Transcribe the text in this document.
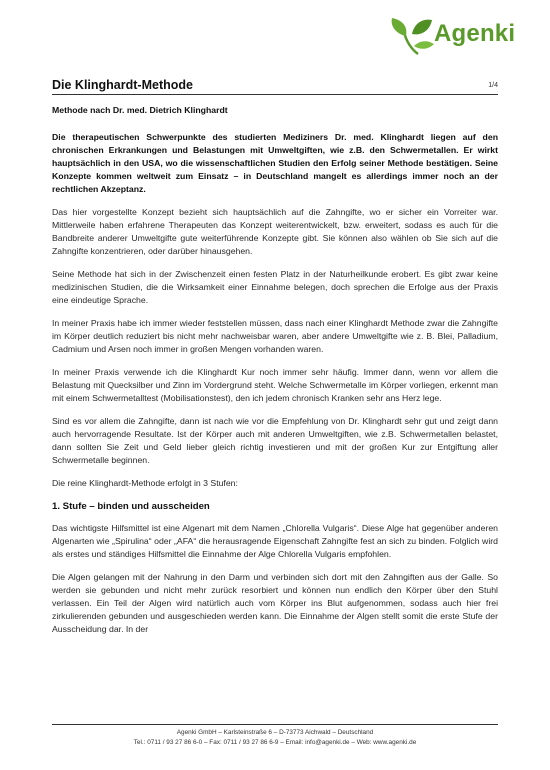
Agenki
Die Klinghardt-Methode	1/4

Methode nach Dr. med. Dietrich Klinghardt

Die therapeutischen Schwerpunkte des studierten Mediziners Dr. med. Klinghardt liegen auf den chronischen Erkrankungen und Belastungen mit Umweltgiften, wie z.B. den Schwermetallen. Er wirkt hauptsächlich in den USA, wo die wissenschaftlichen Studien den Erfolg seiner Methode bestätigen. Seine Konzepte kommen weltweit zum Einsatz – in Deutschland mangelt es allerdings immer noch an der rechtlichen Akzeptanz.

Das hier vorgestellte Konzept bezieht sich hauptsächlich auf die Zahngifte, wo er sicher ein Vorreiter war. Mittlerweile haben erfahrene Therapeuten das Konzept weiterentwickelt, bzw. erweitert, sodass es auch für die Bandbreite anderer Umweltgifte gute weiterführende Konzepte gibt. Sie können also wählen ob Sie sich auf die Zahngifte konzentrieren, oder darüber hinausgehen.

Seine Methode hat sich in der Zwischenzeit einen festen Platz in der Naturheilkunde erobert. Es gibt zwar keine medizinischen Studien, die die Wirksamkeit einer Einnahme belegen, doch sprechen die Erfolge aus der Praxis eine eindeutige Sprache.

In meiner Praxis habe ich immer wieder feststellen müssen, dass nach einer Klinghardt Methode zwar die Zahngifte im Körper deutlich reduziert bis nicht mehr nachweisbar waren, aber andere Umweltgifte wie z. B. Blei, Palladium, Cadmium und Arsen noch immer in großen Mengen vorhanden waren.

In meiner Praxis verwende ich die Klinghardt Kur noch immer sehr häufig. Immer dann, wenn vor allem die Belastung mit Quecksilber und Zinn im Vordergrund steht. Welche Schwermetalle im Körper vorliegen, erkennt man mit einem Schwermetalltest (Mobilisationstest), den ich jedem chronisch Kranken sehr ans Herz lege.

Sind es vor allem die Zahngifte, dann ist nach wie vor die Empfehlung von Dr. Klinghardt sehr gut und zeigt dann auch hervorragende Resultate. Ist der Körper auch mit anderen Umweltgiften, wie z.B. Schwermetallen belastet, dann sollten Sie Zeit und Geld lieber gleich richtig investieren und mit der großen Kur zur Entgiftung aller Schwermetalle beginnen.

Die reine Klinghardt-Methode erfolgt in 3 Stufen:

1. Stufe – binden und ausscheiden

Das wichtigste Hilfsmittel ist eine Algenart mit dem Namen „Chlorella Vulgaris“. Diese Alge hat gegenüber anderen Algenarten wie „Spirulina“ oder „AFA“ die herausragende Eigenschaft Zahngifte fest an sich zu binden. Folglich wird als erstes und ständiges Hilfsmittel die Einnahme der Alge Chlorella Vulgaris empfohlen.

Die Algen gelangen mit der Nahrung in den Darm und verbinden sich dort mit den Zahngiften aus der Galle. So werden sie gebunden und nicht mehr zurück resorbiert und können nun endlich den Körper über den Stuhl verlassen. Ein Teil der Algen wird natürlich auch vom Körper ins Blut aufgenommen, sodass auch hier frei zirkulierenden gebunden und ausgeschieden werden kann. Die Einnahme der Algen stellt somit die erste Stufe der Ausscheidung dar. In der

Agenki GmbH – Karlsteinstraße 6 – D-73773 Aichwald – Deutschland
Tel.: 0711 / 93 27 86 6-0 – Fax: 0711 / 93 27 86 6-9 – Email: info@agenki.de – Web: www.agenki.de
